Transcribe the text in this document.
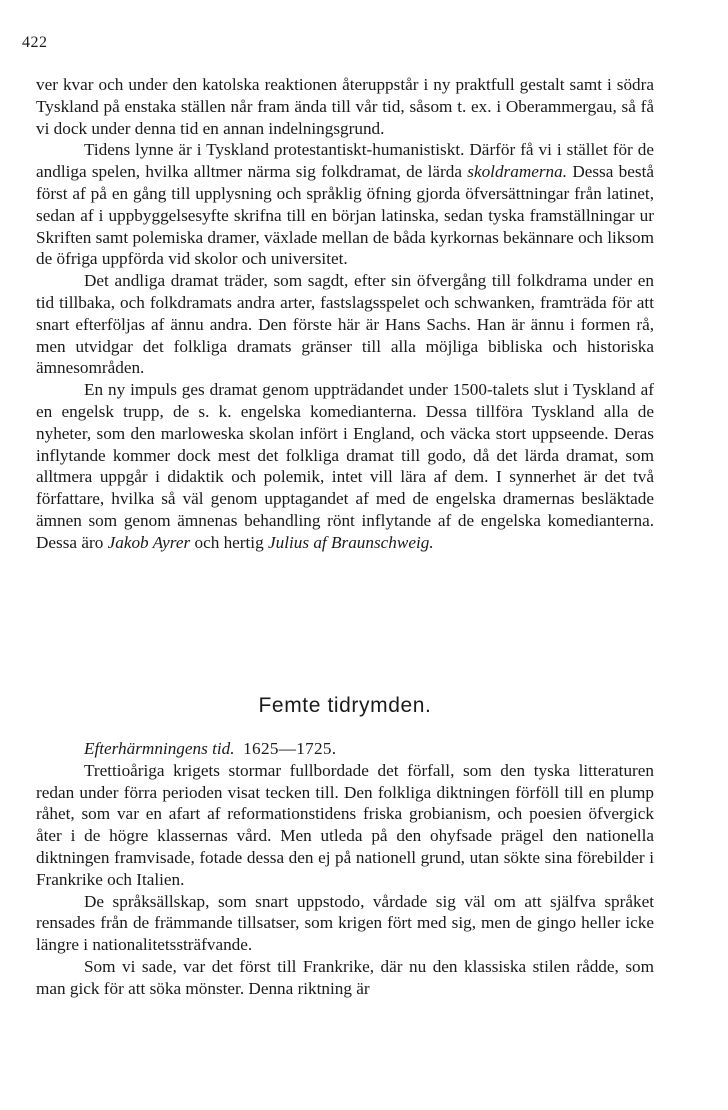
422

ver kvar och under den katolska reaktionen återuppstår i ny praktfull gestalt samt i södra Tyskland på enstaka ställen når fram ända till vår tid, såsom t. ex. i Oberammergau, så få vi dock under denna tid en annan indelningsgrund.

Tidens lynne är i Tyskland protestantiskt-humanistiskt. Därför få vi i stället för de andliga spelen, hvilka alltmer närma sig folkdramat, de lärda skoldramerna. Dessa bestå först af på en gång till upplysning och språklig öfning gjorda öfversättningar från latinet, sedan af i uppbyggelsesyfte skrifna till en början latinska, sedan tyska framställningar ur Skriften samt polemiska dramer, växlade mellan de båda kyrkornas bekännare och liksom de öfriga uppförda vid skolor och universitet.

Det andliga dramat träder, som sagdt, efter sin öfvergång till folkdrama under en tid tillbaka, och folkdramats andra arter, fastslagsspelet och schwanken, framträda för att snart efterföljas af ännu andra. Den förste här är Hans Sachs. Han är ännu i formen rå, men utvidgar det folkliga dramats gränser till alla möjliga bibliska och historiska ämnesområden.

En ny impuls ges dramat genom uppträdandet under 1500-talets slut i Tyskland af en engelsk trupp, de s. k. engelska komedianterna. Dessa tillföra Tyskland alla de nyheter, som den marloweska skolan infört i England, och väcka stort uppseende. Deras inflytande kommer dock mest det folkliga dramat till godo, då det lärda dramat, som alltmera uppgår i didaktik och polemik, intet vill lära af dem. I synnerhet är det två författare, hvilka så väl genom upptagandet af med de engelska dramernas besläktade ämnen som genom ämnenas behandling rönt inflytande af de engelska komedianterna. Dessa äro Jakob Ayrer och hertig Julius af Braunschweig.

Femte tidrymden.

Efterhärmningens tid. 1625—1725.

Trettioåriga krigets stormar fullbordade det förfall, som den tyska litteraturen redan under förra perioden visat tecken till. Den folkliga diktningen förföll till en plump råhet, som var en afart af reformationstidens friska grobianism, och poesien öfvergick åter i de högre klassernas vård. Men utleda på den ohyfsade prägel den nationella diktningen framvisade, fotade dessa den ej på nationell grund, utan sökte sina förebilder i Frankrike och Italien.

De språksällskap, som snart uppstodo, vårdade sig väl om att själfva språket rensades från de främmande tillsatser, som krigen fört med sig, men de gingo heller icke längre i nationalitetssträfvande.

Som vi sade, var det först till Frankrike, där nu den klassiska stilen rådde, som man gick för att söka mönster. Denna riktning är
